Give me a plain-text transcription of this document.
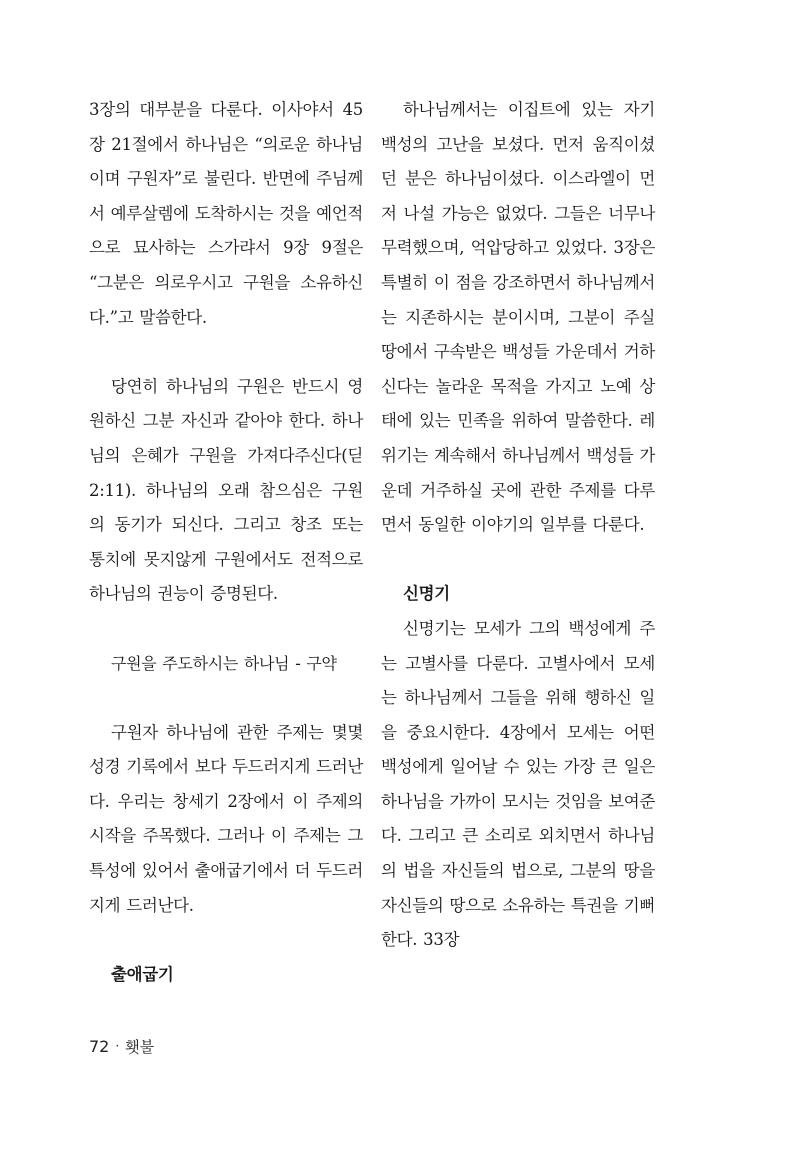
3장의 대부분을 다룬다. 이사야서 45장 21절에서 하나님은 “의로운 하나님이며 구원자”로 불린다. 반면에 주님께서 예루살렘에 도착하시는 것을 예언적으로 묘사하는 스가랴서 9장 9절은 “그분은 의로우시고 구원을 소유하신다.”고 말씀한다.

당연히 하나님의 구원은 반드시 영원하신 그분 자신과 같아야 한다. 하나님의 은혜가 구원을 가져다주신다(딛 2:11). 하나님의 오래 참으심은 구원의 동기가 되신다. 그리고 창조 또는 통치에 못지않게 구원에서도 전적으로 하나님의 권능이 증명된다.

구원을 주도하시는 하나님 - 구약

구원자 하나님에 관한 주제는 몇몇 성경 기록에서 보다 두드러지게 드러난다. 우리는 창세기 2장에서 이 주제의 시작을 주목했다. 그러나 이 주제는 그 특성에 있어서 출애굽기에서 더 두드러지게 드러난다.

출애굽기

하나님께서는 이집트에 있는 자기 백성의 고난을 보셨다. 먼저 움직이셨던 분은 하나님이셨다. 이스라엘이 먼저 나설 가능은 없었다. 그들은 너무나 무력했으며, 억압당하고 있었다. 3장은 특별히 이 점을 강조하면서 하나님께서는 지존하시는 분이시며, 그분이 주실 땅에서 구속받은 백성들 가운데서 거하신다는 놀라운 목적을 가지고 노예 상태에 있는 민족을 위하여 말씀한다. 레위기는 계속해서 하나님께서 백성들 가운데 거주하실 곳에 관한 주제를 다루면서 동일한 이야기의 일부를 다룬다.

신명기

신명기는 모세가 그의 백성에게 주는 고별사를 다룬다. 고별사에서 모세는 하나님께서 그들을 위해 행하신 일을 중요시한다. 4장에서 모세는 어떤 백성에게 일어날 수 있는 가장 큰 일은 하나님을 가까이 모시는 것임을 보여준다. 그리고 큰 소리로 외치면서 하나님의 법을 자신들의 법으로, 그분의 땅을 자신들의 땅으로 소유하는 특권을 기뻐한다. 33장

72 · 횃불
